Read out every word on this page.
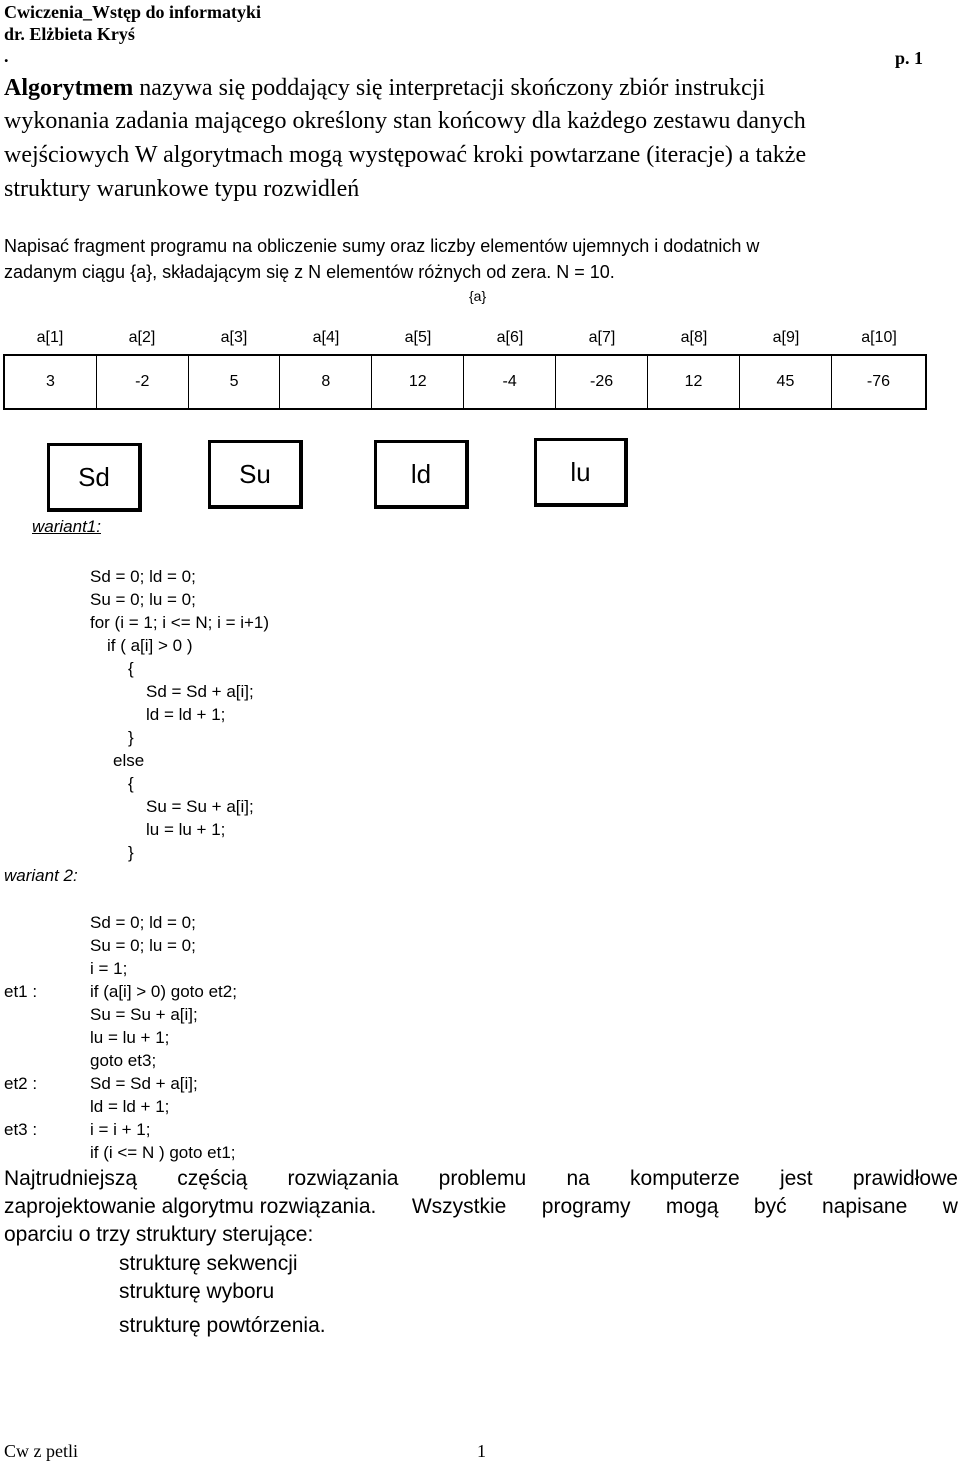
Cwiczenia_Wstęp do informatyki
dr. Elżbieta Kryś
.	p. 1
Algorytmem nazywa się poddający się interpretacji skończony zbiór instrukcji
wykonania zadania mającego określony stan końcowy dla każdego zestawu danych
wejściowych W algorytmach mogą występować kroki powtarzane (iteracje) a także
struktury warunkowe typu rozwidleń
Napisać fragment programu na obliczenie sumy oraz liczby elementów ujemnych i dodatnich w
zadanym ciągu {a}, składającym się z N elementów różnych od zera. N = 10.
{a}
a[1]	a[2]	a[3]	a[4]	a[5]	a[6]	a[7]	a[8]	a[9]	a[10]
3	-2	5	8	12	-4	-26	12	45	-76
Sd	Su	ld	lu
wariant1:
Sd = 0; ld = 0;
Su = 0; lu = 0;
for (i = 1; i <= N; i = i+1)
if ( a[i] > 0 )
{
Sd = Sd + a[i];
ld = ld + 1;
}
else
{
Su = Su + a[i];
lu = lu + 1;
}
wariant 2:
Sd = 0; ld = 0;
Su = 0; lu = 0;
i = 1;
et1 :	if (a[i] > 0) goto et2;
Su = Su + a[i];
lu = lu + 1;
goto et3;
et2 :	Sd = Sd + a[i];
ld = ld + 1;
et3 :	i = i + 1;
if (i <= N ) goto et1;
Najtrudniejszą częścią rozwiązania problemu na komputerze jest prawidłowe
zaprojektowanie algorytmu rozwiązania. Wszystkie programy mogą być napisane w
oparciu o trzy struktury sterujące:
strukturę sekwencji
strukturę wyboru
strukturę powtórzenia.
Cw z petli	1
